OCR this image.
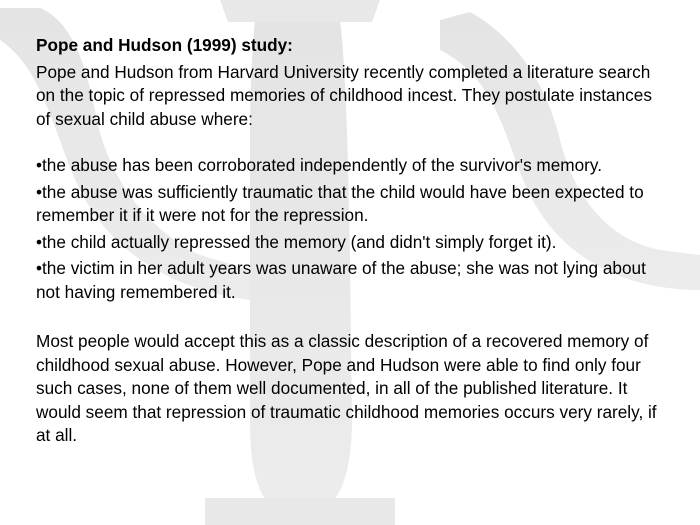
Pope and Hudson (1999) study:

Pope and Hudson from Harvard University recently completed a literature search on the topic of repressed memories of childhood incest. They postulate instances of sexual child abuse where:

•the abuse has been corroborated independently of the survivor's memory.
•the abuse was sufficiently traumatic that the child would have been expected to remember it if it were not for the repression.
•the child actually repressed the memory (and didn't simply forget it).
•the victim in her adult years was unaware of the abuse; she was not lying about not having remembered it.

Most people would accept this as a classic description of a recovered memory of childhood sexual abuse. However, Pope and Hudson were able to find only four such cases, none of them well documented, in all of the published literature. It would seem that repression of traumatic childhood memories occurs very rarely, if at all.
